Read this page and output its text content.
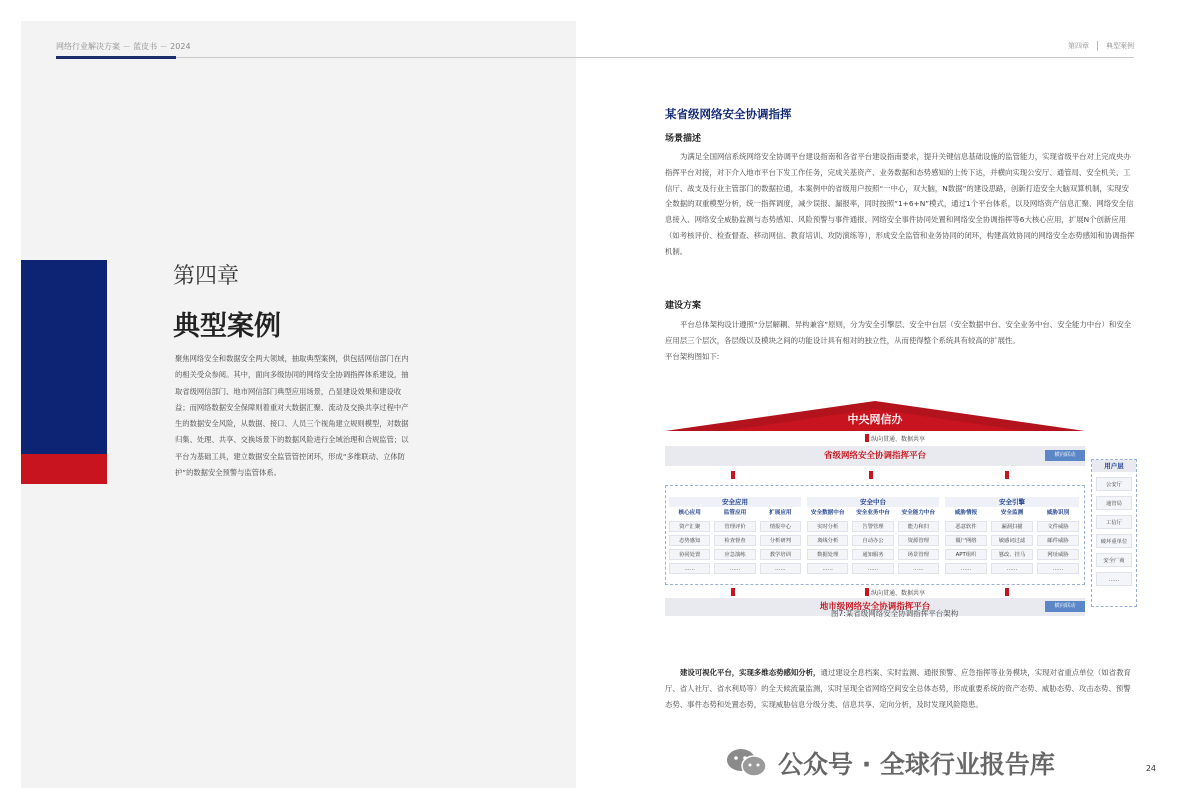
网络行业解决方案 － 蓝皮书 － 2024
第四章
典型案例
聚焦网络安全和数据安全两大领域，抽取典型案例，供包括网信部门在内的相关受众参阅。其中，面向多级协同的网络安全协调指挥体系建设，抽取省级网信部门、地市网信部门典型应用场景，凸显建设效果和建设收益；而网络数据安全保障则着重对大数据汇聚、流动及交换共享过程中产生的数据安全风险，从数据、接口、人员三个视角建立规则模型，对数据归集、处理、共享、交换场景下的数据风险进行全域治理和合规监管；以平台为基础工具，建立数据安全监管管控闭环，形成“多维联动、立体防护”的数据安全预警与监管体系。
第四章 典型案例
某省级网络安全协调指挥
场景描述
为满足全国网信系统网络安全协调平台建设指南和各省平台建设指南要求，提升关键信息基础设施的监管能力，实现省级平台对上完成央办指挥平台对接，对下介入地市平台下发工作任务，完成关基资产、业务数据和态势感知的上传下达，并横向实现公安厅、通管局、安全机关、工信厅、战支及行业主管部门的数据拉通，本案例中的省级用户按照“一中心，双大脑，N数据”的建设思路，创新打造安全大脑双算机制，实现安全数据的双重模型分析，统一指挥调度，减少误报、漏报率，同时按照“1+6+N”模式，通过1个平台体系，以及网络资产信息汇聚、网络安全信息接入、网络安全威胁监测与态势感知、风险预警与事件通报、网络安全事件协同处置和网络安全协调指挥等6大核心应用，扩展N个创新应用（如考核评价、检查督查、移动网信、教育培训、攻防演练等），形成安全监管和业务协同的闭环，构建高效协同的网络安全态势感知和协调指挥机制。
建设方案
平台总体架构设计遵照“分层解耦、异构兼容”原则，分为安全引擎层、安全中台层（安全数据中台、安全业务中台、安全能力中台）和安全应用层三个层次，各层级以及模块之间的功能设计具有相对的独立性，从而使得整个系统具有较高的扩展性。
平台架构图如下:
中央网信办
纵向贯通、数据共享
省级网络安全协调指挥平台	横向联动
安全应用
核心应用
资产汇聚
态势感知
协同处置
……
监管应用
管理评价
检查督查
应急演练
……
扩展应用
情报中心
分析研判
教学培训
……
安全中台
安全数据中台
实时分析
离线分析
数据处理
……
安全业务中台
告警管理
自动办公
通知服务
……
安全能力中台
能力和归
资源管理
场景管理
……
安全引擎
威胁情报
恶意软件
僵尸网络
APT组织
……
安全监测
漏洞扫描
敏感词过滤
篡改、挂马
……
威胁识别
文件威胁
邮件威胁
网址威胁
……
纵向贯通、数据共享
地市级网络安全协调指挥平台	横向联动
用户层
公安厅
通管局
工信厅
破坏重单位
安全厂商
……
图7:某省级网络安全协调指挥平台架构
建设可视化平台，实现多维态势感知分析，通过建设全息档案、实时监测、通报预警、应急指挥等业务模块，实现对省重点单位（如省教育厅、省人社厅、省水利局等）的全天候流量监测，实时呈现全省网络空间安全总体态势，形成重要系统的资产态势、威胁态势、攻击态势、预警态势、事件态势和处置态势，实现威胁信息分级分类、信息共享、定向分析，及时发现风险隐患。
公众号 · 全球行业报告库	24
